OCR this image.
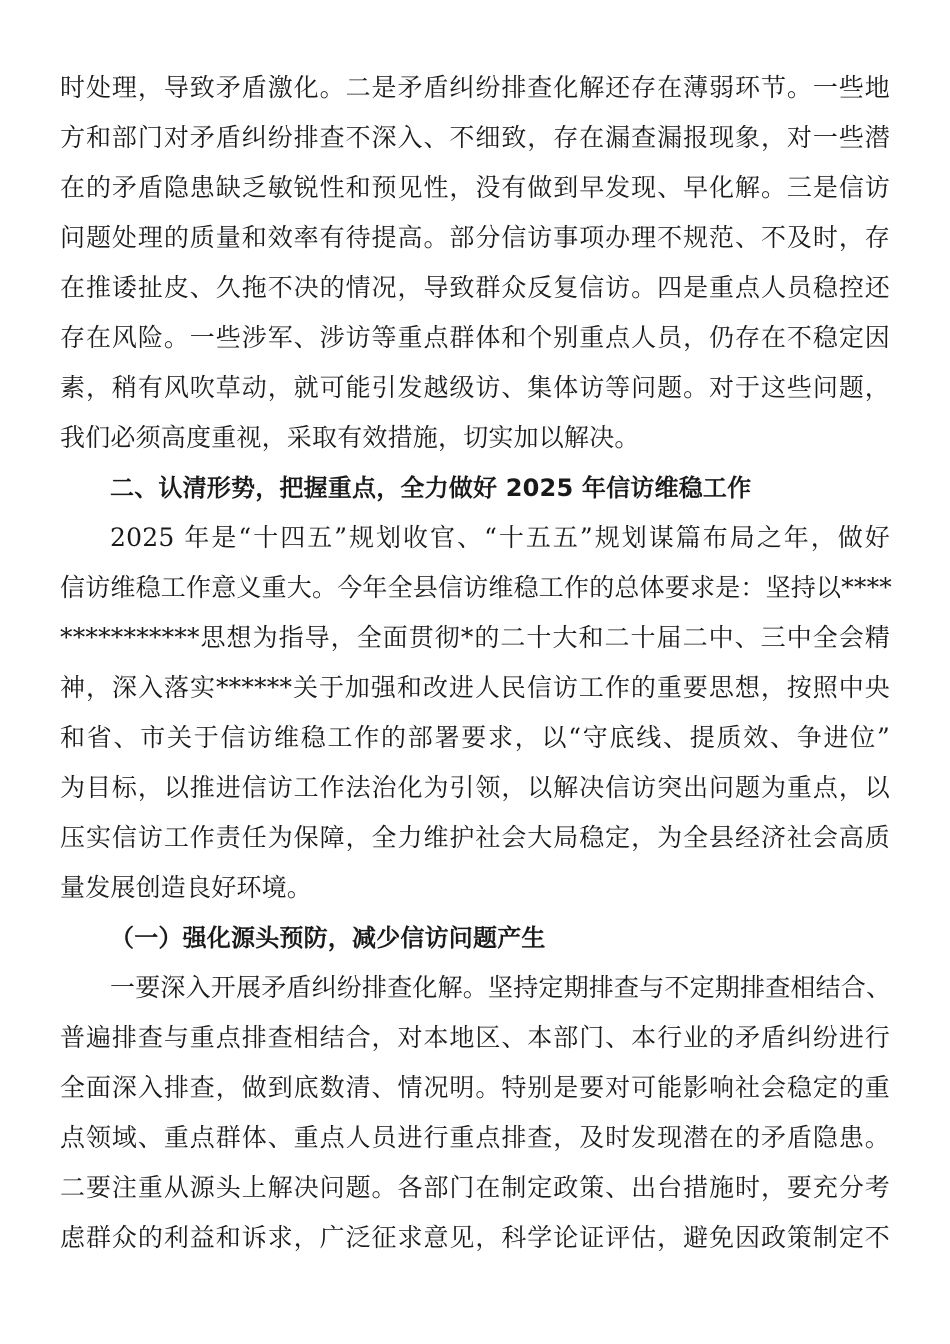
时处理，导致矛盾激化。二是矛盾纠纷排查化解还存在薄弱环节。一些地
方和部门对矛盾纠纷排查不深入、不细致，存在漏查漏报现象，对一些潜
在的矛盾隐患缺乏敏锐性和预见性，没有做到早发现、早化解。三是信访
问题处理的质量和效率有待提高。部分信访事项办理不规范、不及时，存
在推诿扯皮、久拖不决的情况，导致群众反复信访。四是重点人员稳控还
存在风险。一些涉军、涉访等重点群体和个别重点人员，仍存在不稳定因
素，稍有风吹草动，就可能引发越级访、集体访等问题。对于这些问题，
我们必须高度重视，采取有效措施，切实加以解决。
二、认清形势，把握重点，全力做好 2025 年信访维稳工作
2025 年是“十四五”规划收官、“十五五”规划谋篇布局之年，做好
信访维稳工作意义重大。今年全县信访维稳工作的总体要求是：坚持以****
***********思想为指导，全面贯彻*的二十大和二十届二中、三中全会精
神，深入落实******关于加强和改进人民信访工作的重要思想，按照中央
和省、市关于信访维稳工作的部署要求，以“守底线、提质效、争进位”
为目标，以推进信访工作法治化为引领，以解决信访突出问题为重点，以
压实信访工作责任为保障，全力维护社会大局稳定，为全县经济社会高质
量发展创造良好环境。
（一）强化源头预防，减少信访问题产生
一要深入开展矛盾纠纷排查化解。坚持定期排查与不定期排查相结合、
普遍排查与重点排查相结合，对本地区、本部门、本行业的矛盾纠纷进行
全面深入排查，做到底数清、情况明。特别是要对可能影响社会稳定的重
点领域、重点群体、重点人员进行重点排查，及时发现潜在的矛盾隐患。
二要注重从源头上解决问题。各部门在制定政策、出台措施时，要充分考
虑群众的利益和诉求，广泛征求意见，科学论证评估，避免因政策制定不
